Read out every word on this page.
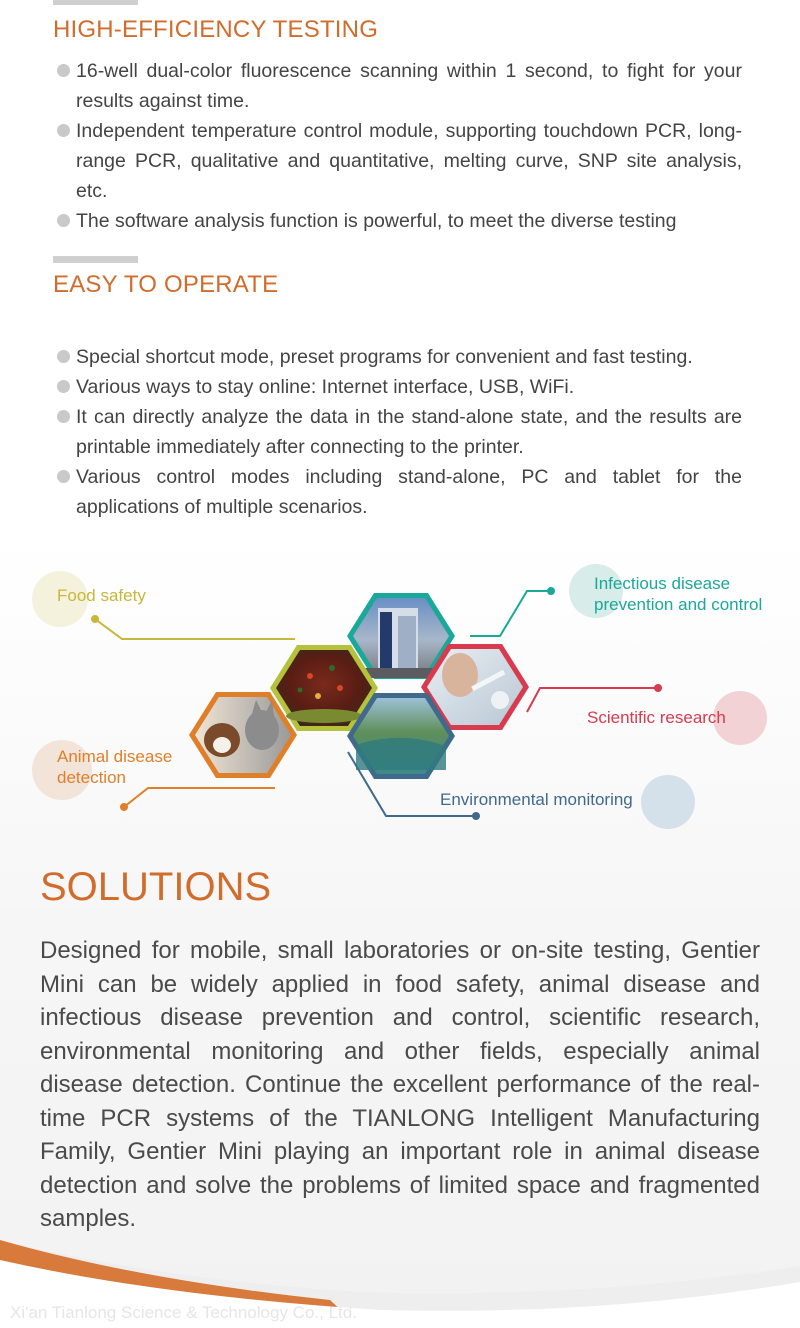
HIGH-EFFICIENCY TESTING
16-well dual-color fluorescence scanning within 1 second, to fight for your results against time.
Independent temperature control module, supporting touchdown PCR, long-range PCR, qualitative and quantitative, melting curve, SNP site analysis, etc.
The software analysis function is powerful, to meet the diverse testing
EASY TO OPERATE
Special shortcut mode, preset programs for convenient and fast testing.
Various ways to stay online: Internet interface, USB, WiFi.
It can directly analyze the data in the stand-alone state, and the results are printable immediately after connecting to the printer.
Various control modes including stand-alone, PC and tablet for the applications of multiple scenarios.

Food safety

Infectious disease
prevention and control

Scientific research

Animal disease
detection

Environmental monitoring

SOLUTIONS

Designed for mobile, small laboratories or on-site testing, Gentier Mini can be widely applied in food safety, animal disease and infectious disease prevention and control, scientific research, environmental monitoring and other fields, especially animal disease detection. Continue the excellent performance of the real-time PCR systems of the TIANLONG Intelligent Manufacturing Family, Gentier Mini playing an important role in animal disease detection and solve the problems of limited space and fragmented samples.

Xi'an Tianlong Science & Technology Co., Ltd.
